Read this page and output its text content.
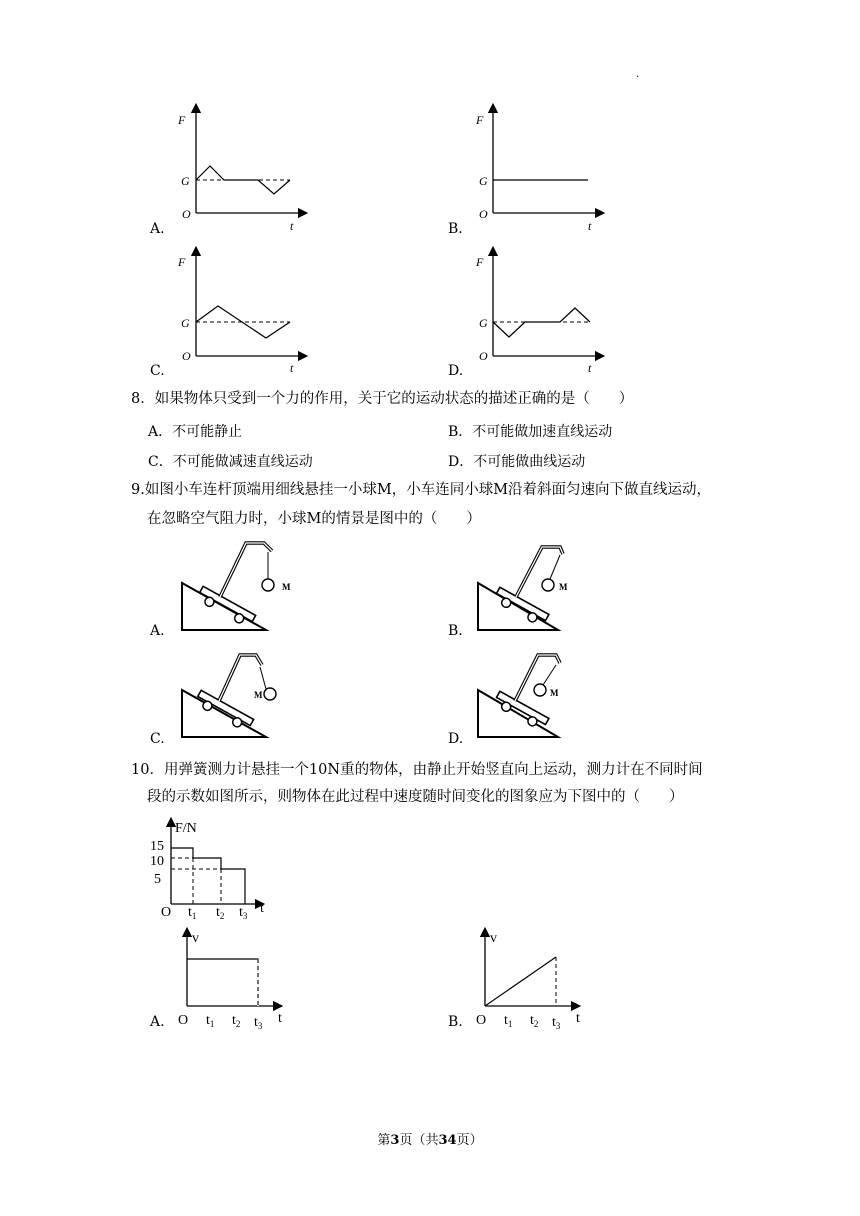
·
F
G
O
t
F
G
O
t
F
G
O
t
F
G
O
t
A.	B.
C.	D.
8．如果物体只受到一个力的作用，关于它的运动状态的描述正确的是（　　）
A．不可能静止	B．不可能做加速直线运动
C．不可能做减速直线运动	D．不可能做曲线运动
9.如图小车连杆顶端用细线悬挂一小球M，小车连同小球M沿着斜面匀速向下做直线运动，
在忽略空气阻力时，小球M的情景是图中的（　　）
M	M
M	M
A.	B.
C.	D.
10．用弹簧测力计悬挂一个10N重的物体，由静止开始竖直向上运动，测力计在不同时间
段的示数如图所示，则物体在此过程中速度随时间变化的图象应为下图中的（　　）
F/N
15
10
5
O $t_1$ $t_2$ $t_3$ t
v
O $t_1$ $t_2$ $t_3$ t
v
O $t_1$ $t_2$ $t_3$ t
A.	B.
第3页（共34页）
